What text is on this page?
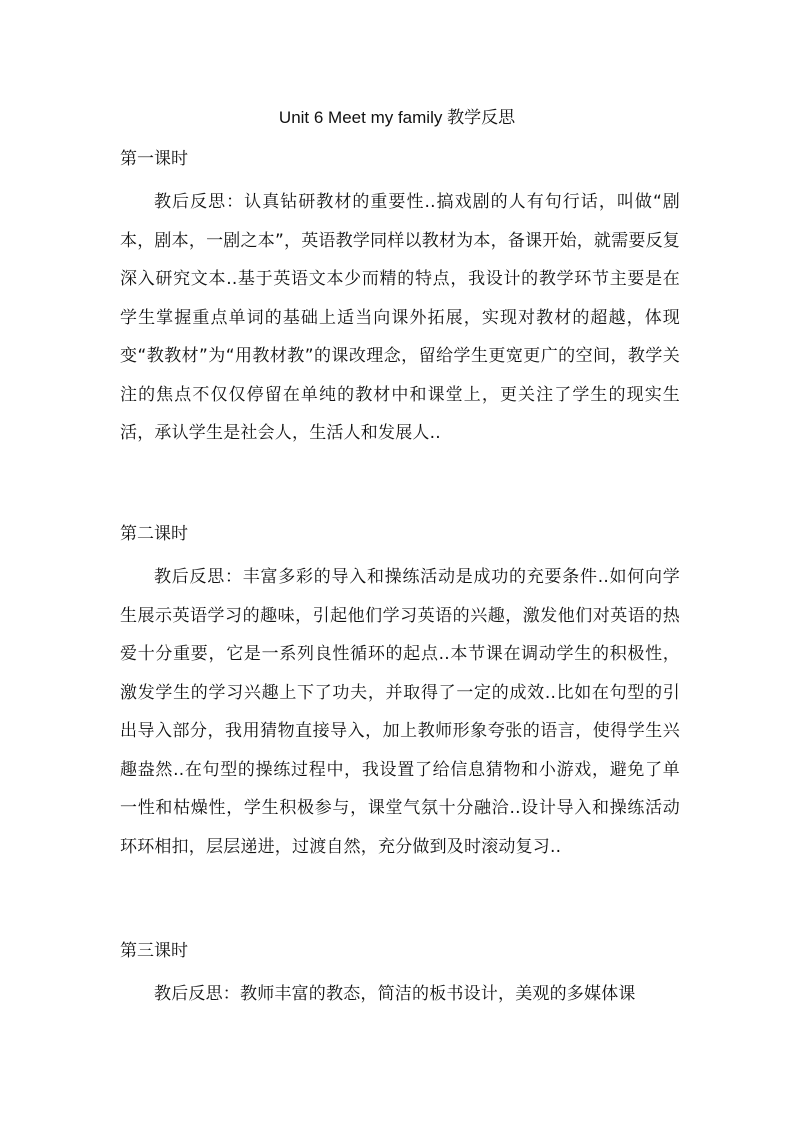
Unit 6 Meet my family 教学反思

第一课时

教后反思：认真钻研教材的重要性..搞戏剧的人有句行话，叫做“剧本，剧本，一剧之本”，英语教学同样以教材为本，备课开始，就需要反复深入研究文本..基于英语文本少而精的特点，我设计的教学环节主要是在学生掌握重点单词的基础上适当向课外拓展，实现对教材的超越，体现变“教教材”为“用教材教”的课改理念，留给学生更宽更广的空间，教学关注的焦点不仅仅停留在单纯的教材中和课堂上，更关注了学生的现实生活，承认学生是社会人，生活人和发展人..

第二课时

教后反思：丰富多彩的导入和操练活动是成功的充要条件..如何向学生展示英语学习的趣味，引起他们学习英语的兴趣，激发他们对英语的热爱十分重要，它是一系列良性循环的起点..本节课在调动学生的积极性，激发学生的学习兴趣上下了功夫，并取得了一定的成效..比如在句型的引出导入部分，我用猜物直接导入，加上教师形象夸张的语言，使得学生兴趣盎然..在句型的操练过程中，我设置了给信息猜物和小游戏，避免了单一性和枯燥性，学生积极参与，课堂气氛十分融洽..设计导入和操练活动环环相扣，层层递进，过渡自然，充分做到及时滚动复习..

第三课时

教后反思：教师丰富的教态，简洁的板书设计，美观的多媒体课
